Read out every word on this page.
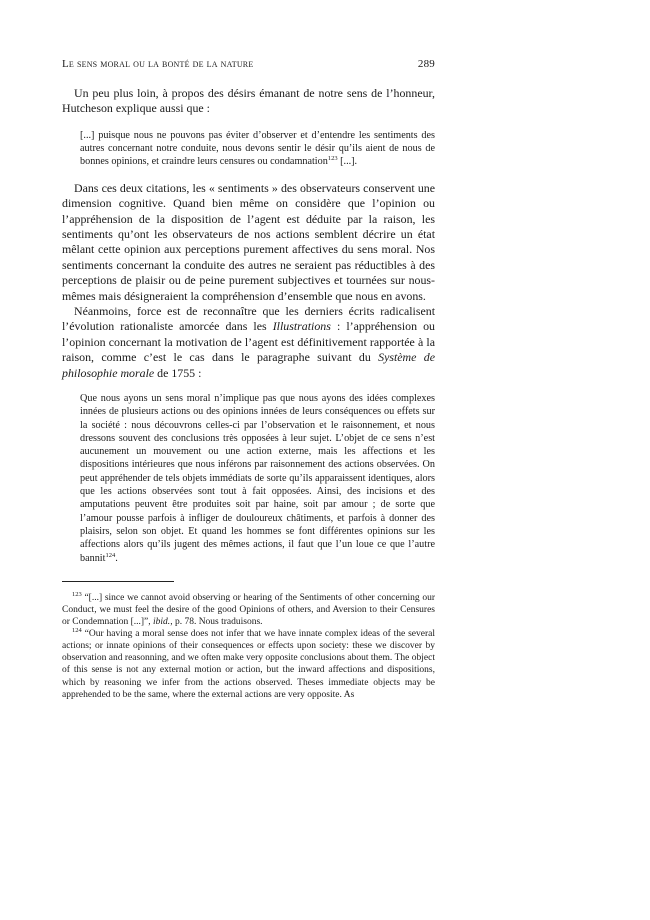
Le sens moral ou la bonté de la nature	289

Un peu plus loin, à propos des désirs émanant de notre sens de l’honneur, Hutcheson explique aussi que :

[...] puisque nous ne pouvons pas éviter d’observer et d’entendre les sentiments des autres concernant notre conduite, nous devons sentir le désir qu’ils aient de nous de bonnes opinions, et craindre leurs censures ou condamnation$^{123}$ [...].

Dans ces deux citations, les « sentiments » des observateurs conservent une dimension cognitive. Quand bien même on considère que l’opinion ou l’appréhension de la disposition de l’agent est déduite par la raison, les sentiments qu’ont les observateurs de nos actions semblent décrire un état mêlant cette opinion aux perceptions purement affectives du sens moral. Nos sentiments concernant la conduite des autres ne seraient pas réductibles à des perceptions de plaisir ou de peine purement subjectives et tournées sur nous-mêmes mais désigneraient la compréhension d’ensemble que nous en avons.

Néanmoins, force est de reconnaître que les derniers écrits radicalisent l’évolution rationaliste amorcée dans les Illustrations : l’appréhension ou l’opinion concernant la motivation de l’agent est définitivement rapportée à la raison, comme c’est le cas dans le paragraphe suivant du Système de philosophie morale de 1755 :

Que nous ayons un sens moral n’implique pas que nous ayons des idées complexes innées de plusieurs actions ou des opinions innées de leurs conséquences ou effets sur la société : nous découvrons celles-ci par l’observation et le raisonnement, et nous dressons souvent des conclusions très opposées à leur sujet. L’objet de ce sens n’est aucunement un mouvement ou une action externe, mais les affections et les dispositions intérieures que nous inférons par raisonnement des actions observées. On peut appréhender de tels objets immédiats de sorte qu’ils apparaissent identiques, alors que les actions observées sont tout à fait opposées. Ainsi, des incisions et des amputations peuvent être produites soit par haine, soit par amour ; de sorte que l’amour pousse parfois à infliger de douloureux châtiments, et parfois à donner des plaisirs, selon son objet. Et quand les hommes se font différentes opinions sur les affections alors qu’ils jugent des mêmes actions, il faut que l’un loue ce que l’autre bannit$^{124}$.

$^{123}$ “[...] since we cannot avoid observing or hearing of the Sentiments of other concerning our Conduct, we must feel the desire of the good Opinions of others, and Aversion to their Censures or Condemnation [...]”, ibid., p. 78. Nous traduisons.

$^{124}$ “Our having a moral sense does not infer that we have innate complex ideas of the several actions; or innate opinions of their consequences or effects upon society: these we discover by observation and reasonning, and we often make very opposite conclusions about them. The object of this sense is not any external motion or action, but the inward affections and dispositions, which by reasoning we infer from the actions observed. Theses immediate objects may be apprehended to be the same, where the external actions are very opposite. As
